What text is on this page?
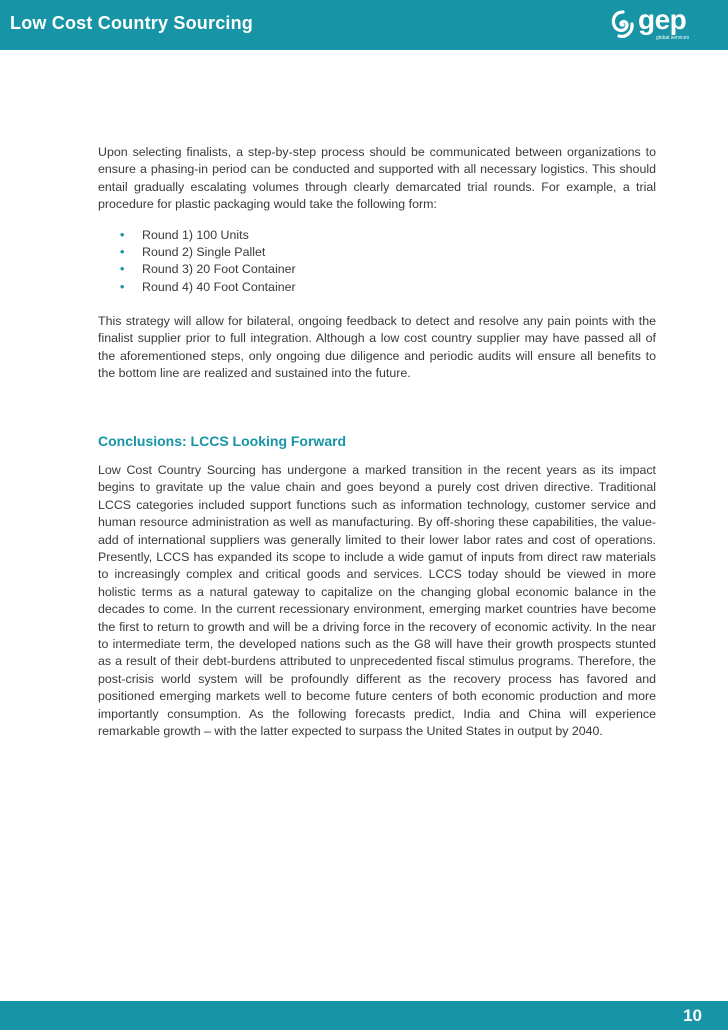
Low Cost Country Sourcing	gep
global services

Upon selecting finalists, a step-by-step process should be communicated between organizations to ensure a phasing-in period can be conducted and supported with all necessary logistics. This should entail gradually escalating volumes through clearly demarcated trial rounds. For example, a trial procedure for plastic packaging would take the following form:

• Round 1) 100 Units
• Round 2) Single Pallet
• Round 3) 20 Foot Container
• Round 4) 40 Foot Container

This strategy will allow for bilateral, ongoing feedback to detect and resolve any pain points with the finalist supplier prior to full integration. Although a low cost country supplier may have passed all of the aforementioned steps, only ongoing due diligence and periodic audits will ensure all benefits to the bottom line are realized and sustained into the future.

Conclusions: LCCS Looking Forward

Low Cost Country Sourcing has undergone a marked transition in the recent years as its impact begins to gravitate up the value chain and goes beyond a purely cost driven directive. Traditional LCCS categories included support functions such as information technology, customer service and human resource administration as well as manufacturing. By off-shoring these capabilities, the value-add of international suppliers was generally limited to their lower labor rates and cost of operations. Presently, LCCS has expanded its scope to include a wide gamut of inputs from direct raw materials to increasingly complex and critical goods and services. LCCS today should be viewed in more holistic terms as a natural gateway to capitalize on the changing global economic balance in the decades to come. In the current recessionary environment, emerging market countries have become the first to return to growth and will be a driving force in the recovery of economic activity. In the near to intermediate term, the developed nations such as the G8 will have their growth prospects stunted as a result of their debt-burdens attributed to unprecedented fiscal stimulus programs. Therefore, the post-crisis world system will be profoundly different as the recovery process has favored and positioned emerging markets well to become future centers of both economic production and more importantly consumption. As the following forecasts predict, India and China will experience remarkable growth – with the latter expected to surpass the United States in output by 2040.

10
